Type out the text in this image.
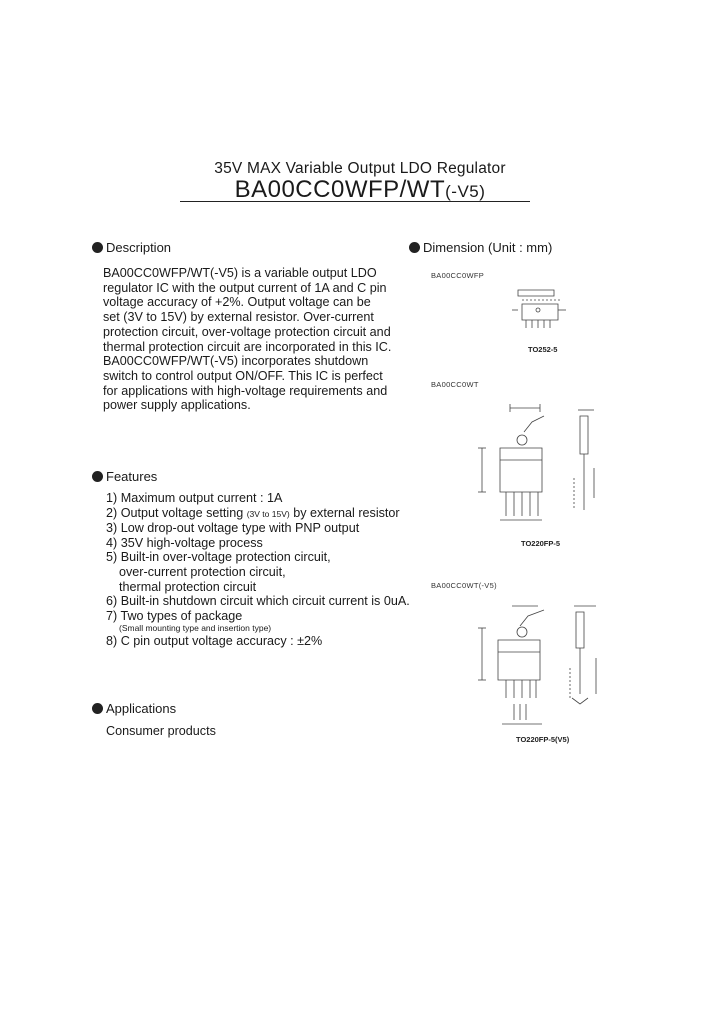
35V MAX Variable Output LDO Regulator
BA00CC0WFP/WT(-V5)
Description
BA00CC0WFP/WT(-V5) is a variable output LDO
regulator IC with the output current of 1A and C pin
voltage accuracy of +2%. Output voltage can be
set (3V to 15V) by external resistor. Over-current
protection circuit, over-voltage protection circuit and
thermal protection circuit are incorporated in this IC.
BA00CC0WFP/WT(-V5) incorporates shutdown
switch to control output ON/OFF. This IC is perfect
for applications with high-voltage requirements and
power supply applications.
Features
1) Maximum output current : 1A
2) Output voltage setting (3V to 15V) by external resistor
3) Low drop-out voltage type with PNP output
4) 35V high-voltage process
5) Built-in over-voltage protection circuit,
over-current protection circuit,
thermal protection circuit
6) Built-in shutdown circuit which circuit current is 0uA.
7) Two types of package
(Small mounting type and insertion type)
8) C pin output voltage accuracy : ±2%
Applications
Consumer products
Dimension (Unit : mm)
BA00CC0WFP
TO252-5
BA00CC0WT
TO220FP-5
BA00CC0WT(-V5)
TO220FP-5(V5)
